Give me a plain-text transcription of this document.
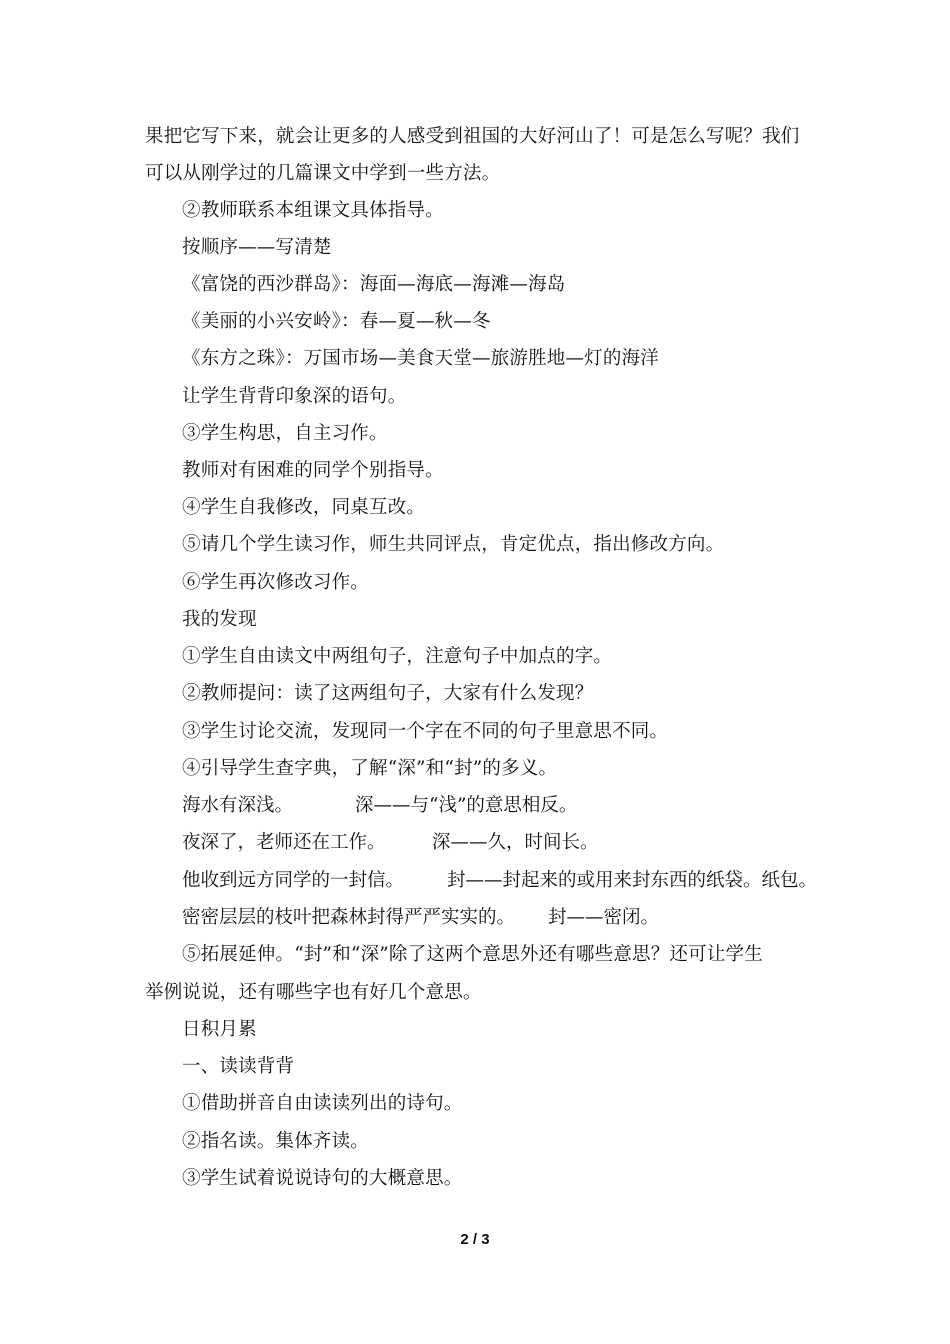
果把它写下来，就会让更多的人感受到祖国的大好河山了！可是怎么写呢？我们
可以从刚学过的几篇课文中学到一些方法。
②教师联系本组课文具体指导。
按顺序——写清楚
《富饶的西沙群岛》：海面—海底—海滩—海岛
《美丽的小兴安岭》：春—夏—秋—冬
《东方之珠》：万国市场—美食天堂—旅游胜地—灯的海洋
让学生背背印象深的语句。
③学生构思，自主习作。
教师对有困难的同学个别指导。
④学生自我修改，同桌互改。
⑤请几个学生读习作，师生共同评点，肯定优点，指出修改方向。
⑥学生再次修改习作。
我的发现
①学生自由读文中两组句子，注意句子中加点的字。
②教师提问：读了这两组句子，大家有什么发现？
③学生讨论交流，发现同一个字在不同的句子里意思不同。
④引导学生查字典，了解“深”和“封”的多义。
海水有深浅。	深——与“浅”的意思相反。
夜深了，老师还在工作。	深——久，时间长。
他收到远方同学的一封信。 封——封起来的或用来封东西的纸袋。纸包。
密密层层的枝叶把森林封得严严实实的。 封——密闭。
⑤拓展延伸。“封”和“深”除了这两个意思外还有哪些意思？还可让学生
举例说说，还有哪些字也有好几个意思。
日积月累
一、读读背背
①借助拼音自由读读列出的诗句。
②指名读。集体齐读。
③学生试着说说诗句的大概意思。
2 / 3
